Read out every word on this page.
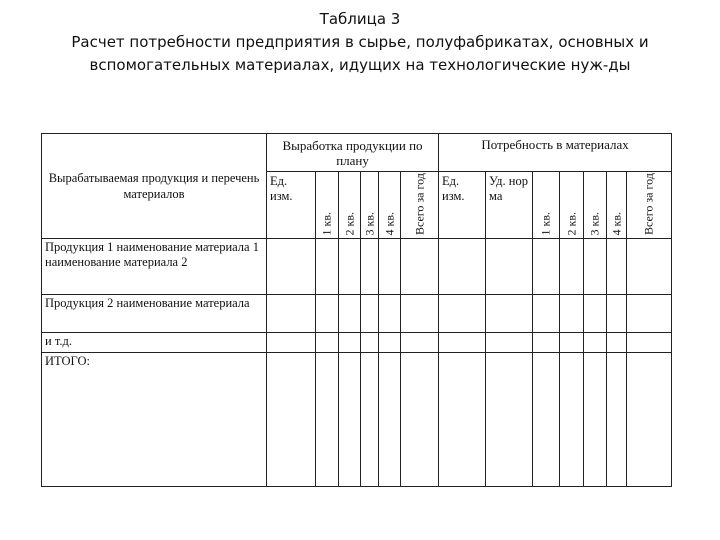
Таблица 3
Расчет потребности предприятия в сырье, полуфабрикатах, основных и
вспомогательных материалах, идущих на технологические нуж-ды
Вырабатываемая продукция и перечень материалов	Выработка продукции по плану						Потребность в материалах						
	Ед. изм.	1 кв.	2 кв.	3 кв.	4 кв.	Всего за год	Ед. изм.	Уд. нор ма	1 кв.	2 кв.	3 кв.	4 кв.	Всего за год

Продукция 1 наименование материала 1 наименование материала 2													
Продукция 2 наименование материала													
и т.д.													
ИТОГО:													
